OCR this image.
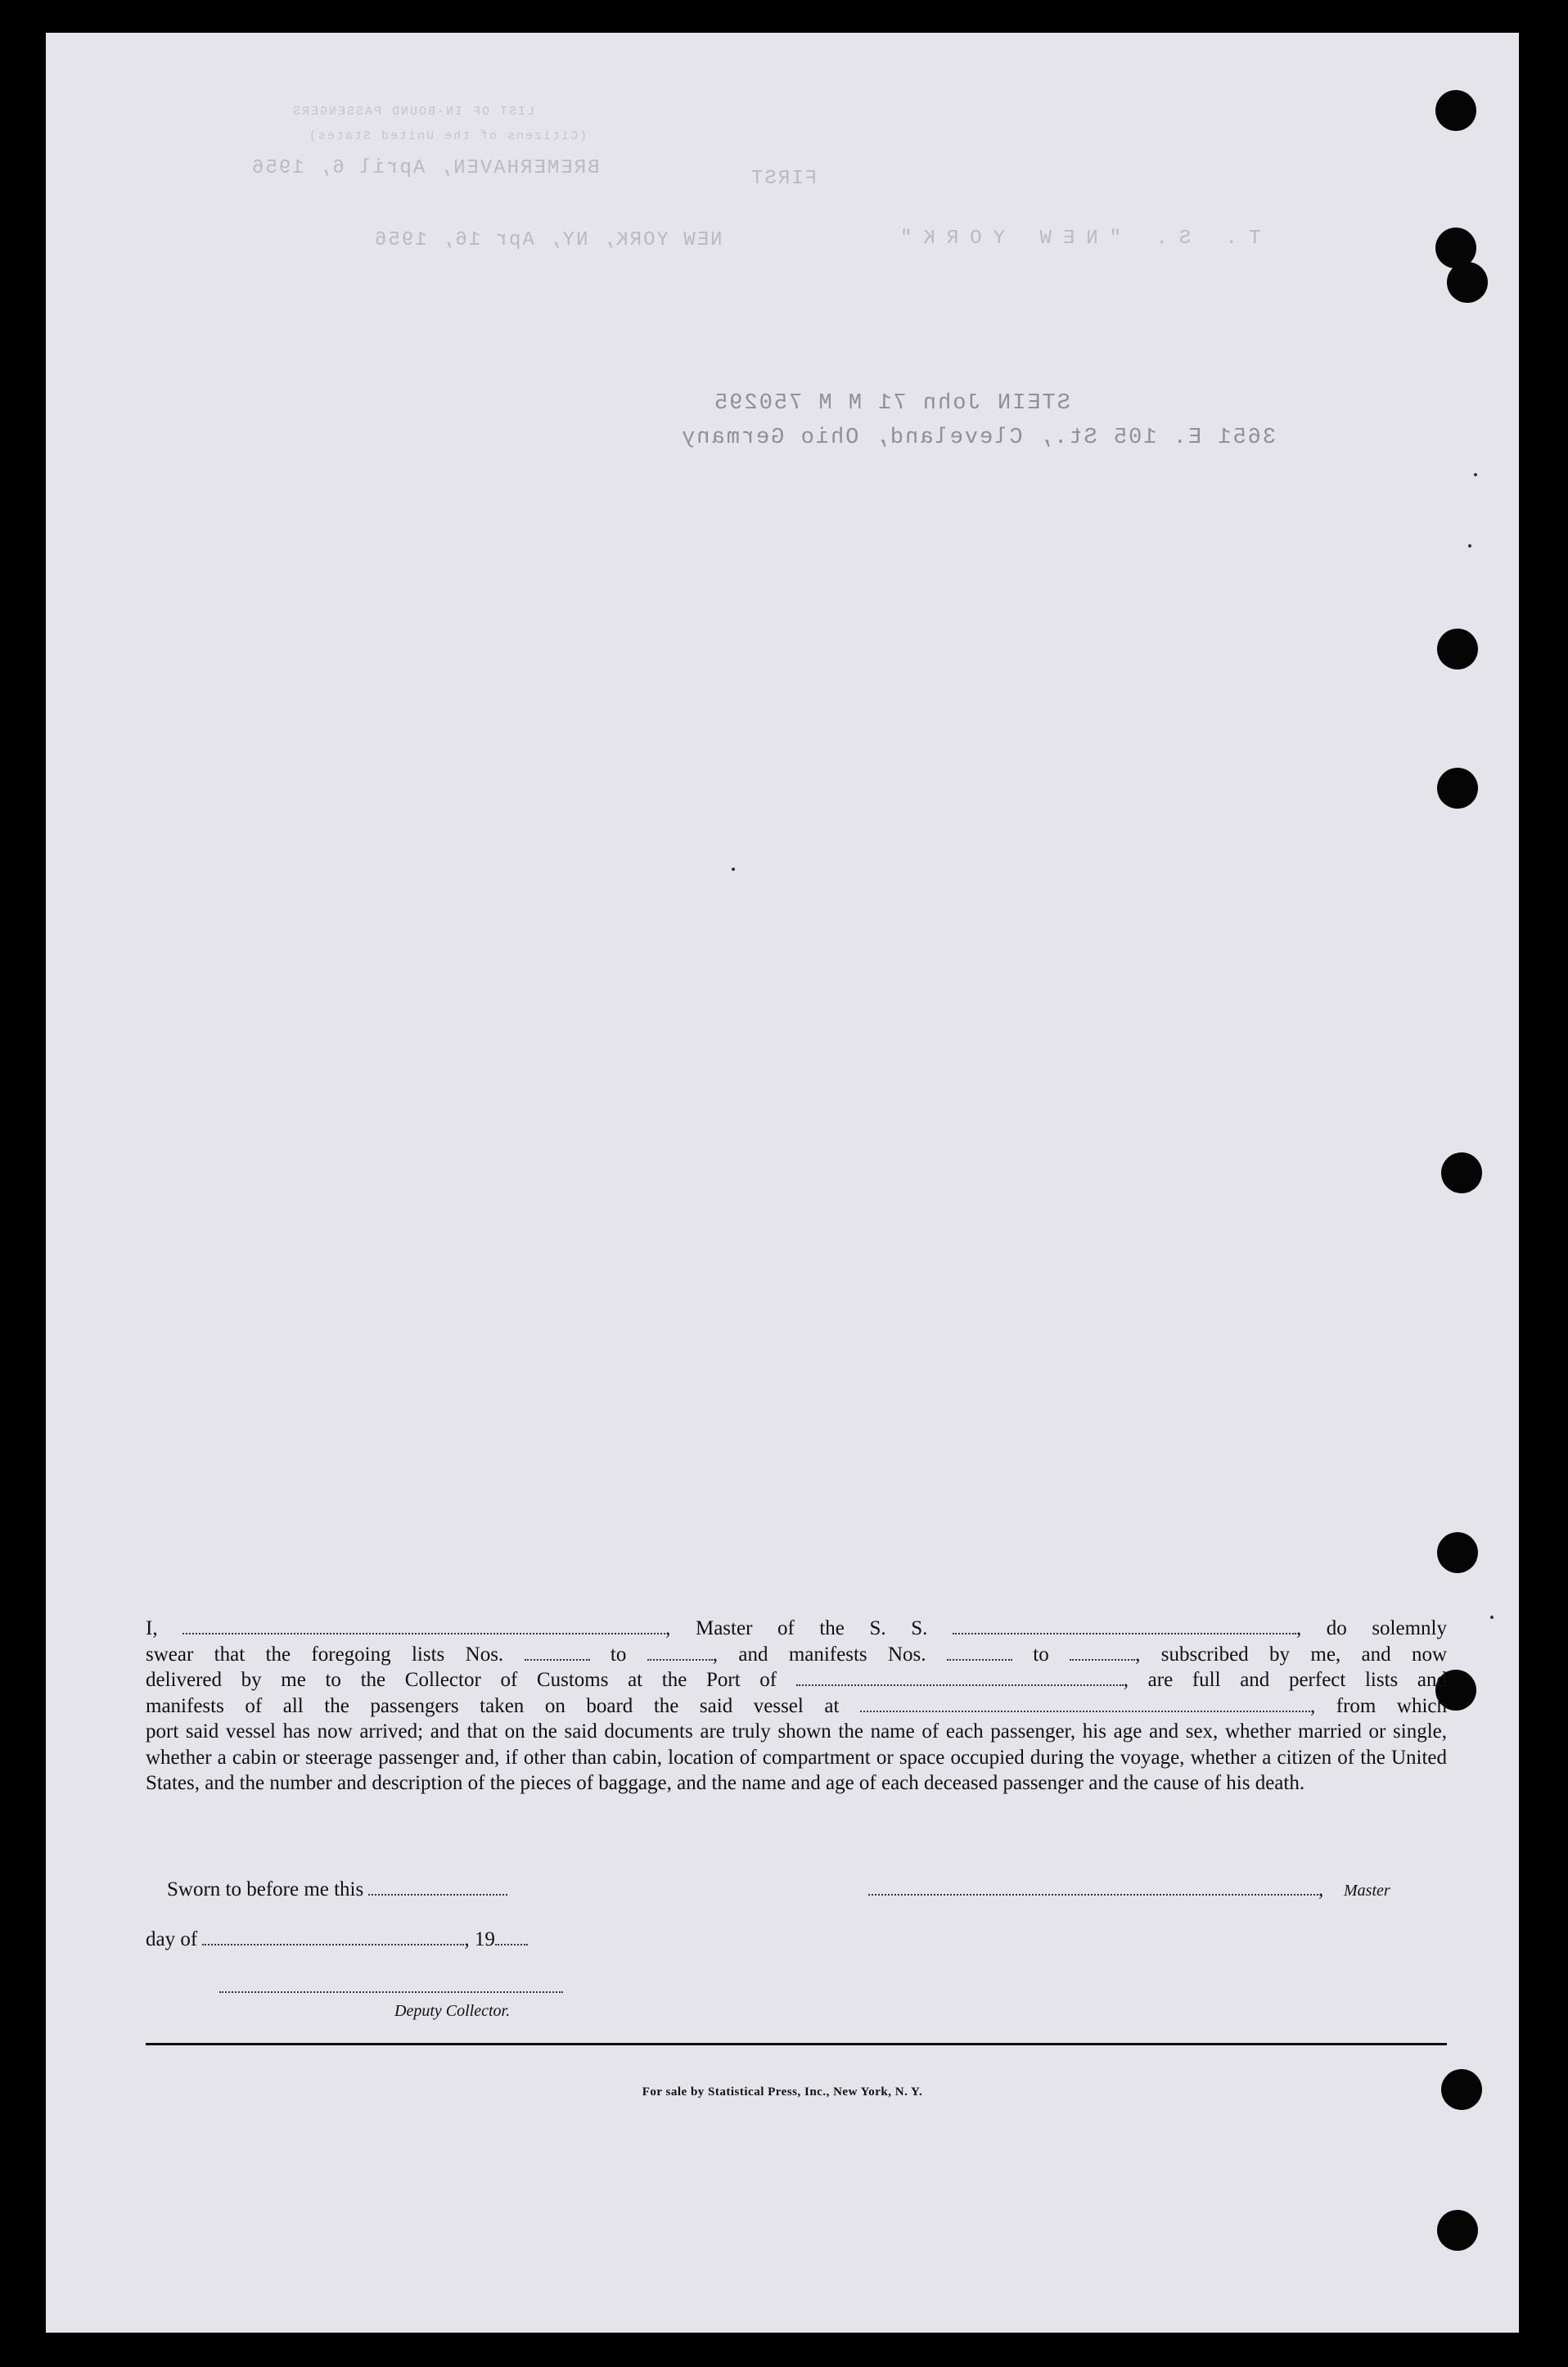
LIST OF IN-BOUND PASSENGERS
(Citizens of the United States)
BREMERHAVEN, April 6, 1956	FIRST
NEW YORK, NY, Apr 16, 1956	T. S. "NEW YORK"
STEIN John 71 M M 750295
3651 E. 105 St., Cleveland, Ohio Germany
I,	, Master of the S. S.	, do solemnly
swear that the foregoing lists Nos.	to	, and manifests Nos.	to	, subscribed by me, and now
delivered by me to the Collector of Customs at the Port of	, are full and perfect lists and
manifests of all the passengers taken on board the said vessel at	, from which
port said vessel has now arrived; and that on the said documents are truly shown the name of each passenger, his age and sex, whether married or single, whether a cabin or steerage passenger and, if other than cabin, location of compartment or space occupied during the voyage, whether a citizen of the United States, and the number and description of the pieces of baggage, and the name and age of each deceased passenger and the cause of his death.
Sworn to before me this	, Master
day of	, 19
Deputy Collector.
For sale by Statistical Press, Inc., New York, N. Y.
